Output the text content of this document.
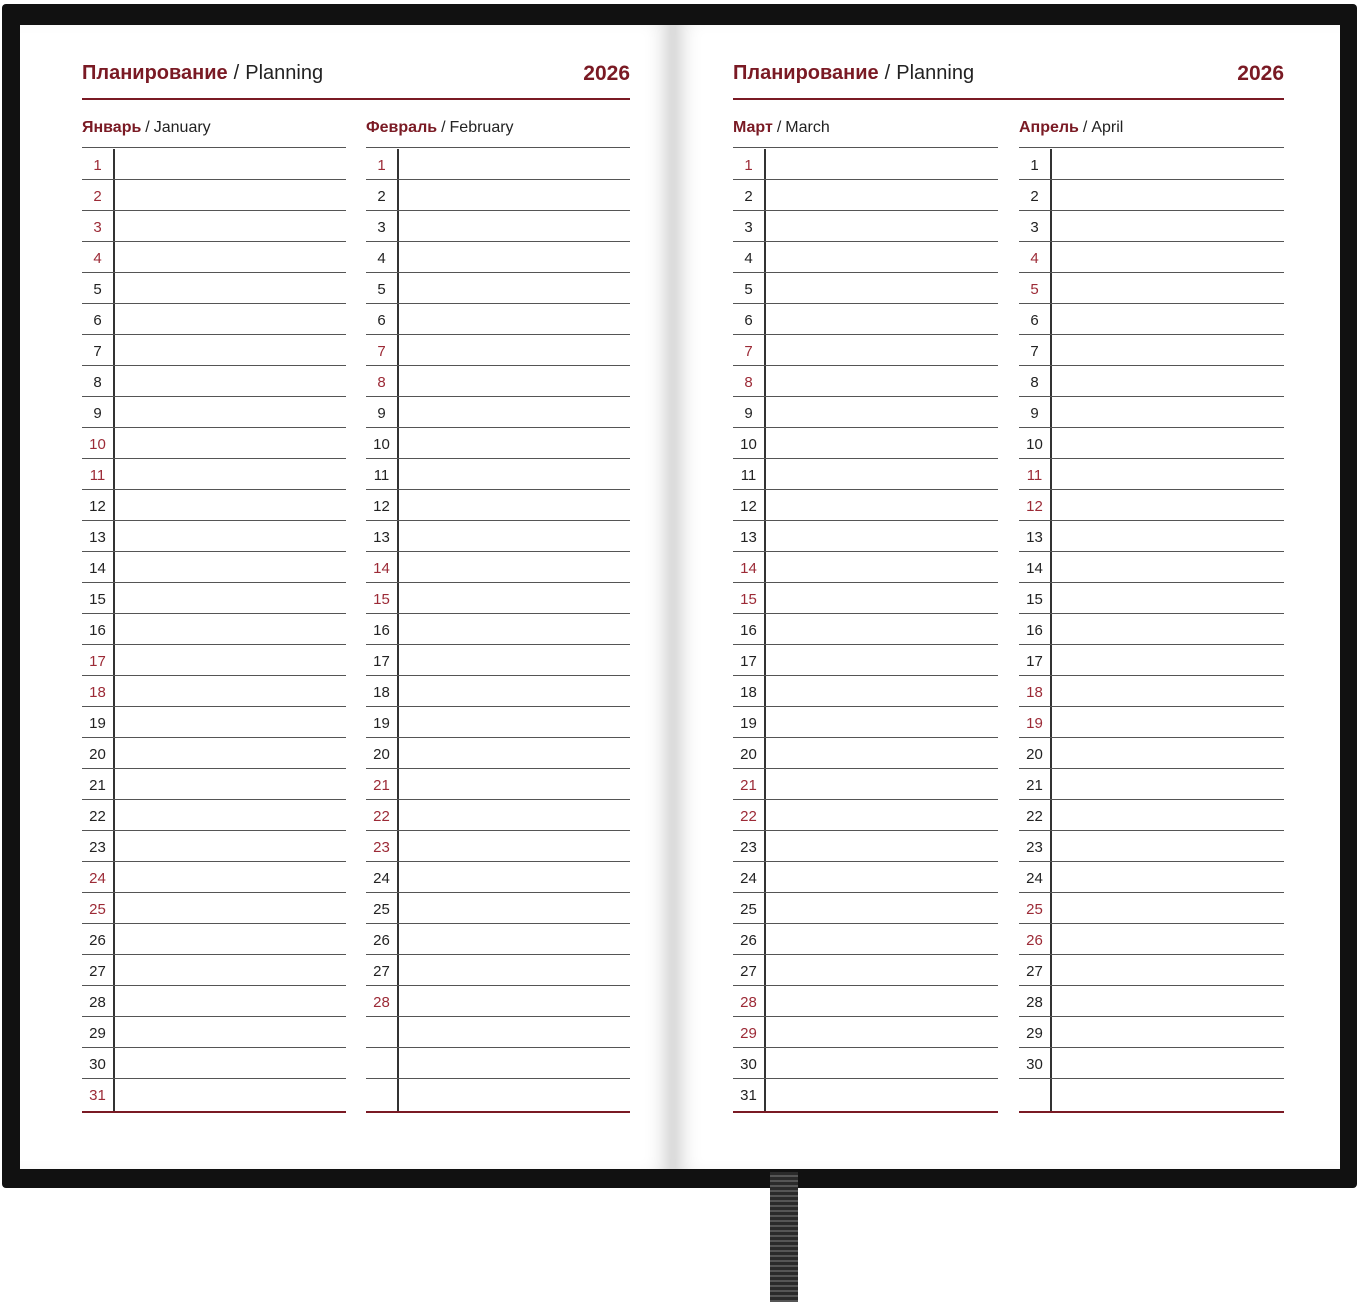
Планирование / Planning	2026	Планирование / Planning	2026
Январь / January
1
2
3
4
5
6
7
8
9
10
11
12
13
14
15
16
17
18
19
20
21
22
23
24
25
26
27
28
29
30
31
Февраль / February
1
2
3
4
5
6
7
8
9
10
11
12
13
14
15
16
17
18
19
20
21
22
23
24
25
26
27
28
Март / March
1
2
3
4
5
6
7
8
9
10
11
12
13
14
15
16
17
18
19
20
21
22
23
24
25
26
27
28
29
30
31
Апрель / April
1
2
3
4
5
6
7
8
9
10
11
12
13
14
15
16
17
18
19
20
21
22
23
24
25
26
27
28
29
30
